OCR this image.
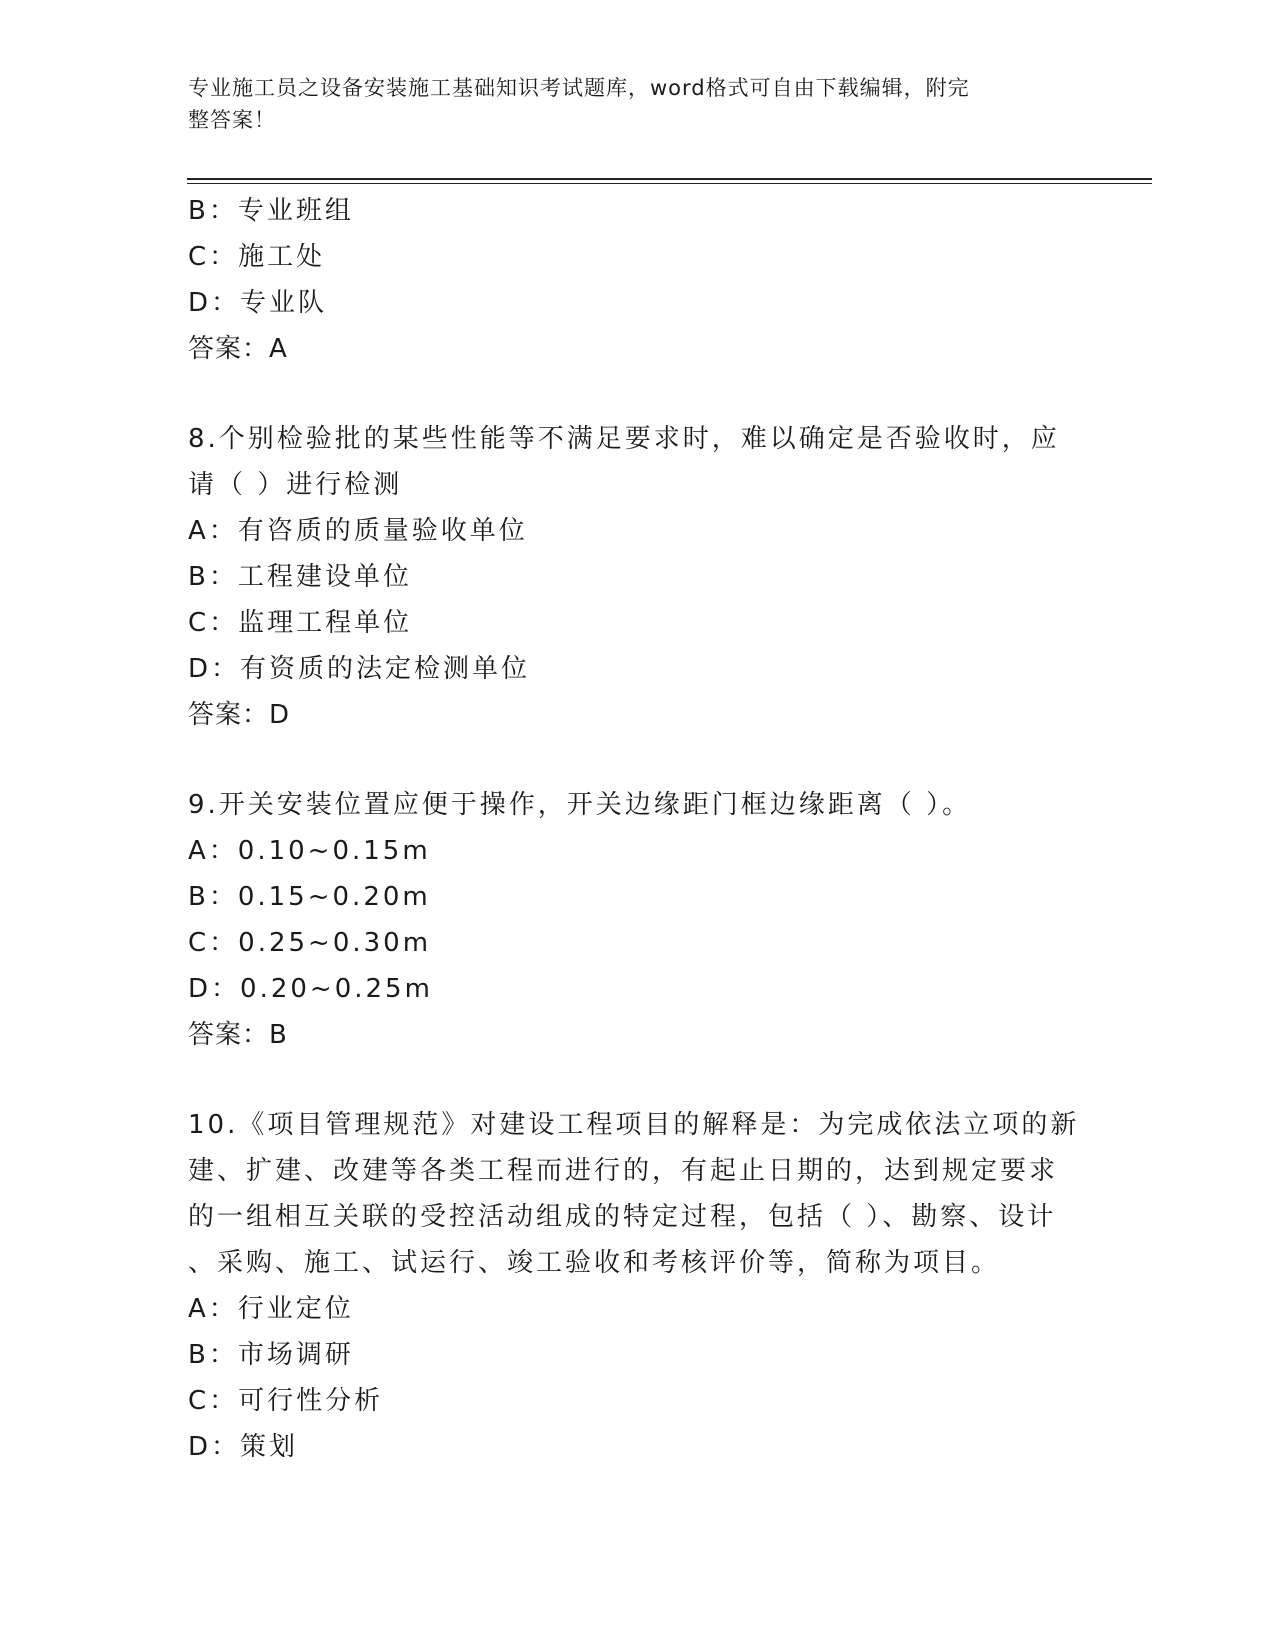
专业施工员之设备安装施工基础知识考试题库，word格式可自由下载编辑，附完
整答案！
B：专业班组
C：施工处
D：专业队
答案：A
8.个别检验批的某些性能等不满足要求时，难以确定是否验收时，应
请（ ）进行检测
A：有咨质的质量验收单位
B：工程建设单位
C：监理工程单位
D：有资质的法定检测单位
答案：D
9.开关安装位置应便于操作，开关边缘距门框边缘距离（ ）。
A：0.10~0.15m
B：0.15~0.20m
C：0.25~0.30m
D：0.20~0.25m
答案：B
10.《项目管理规范》对建设工程项目的解释是：为完成依法立项的新
建、扩建、改建等各类工程而进行的，有起止日期的，达到规定要求
的一组相互关联的受控活动组成的特定过程，包括（ ）、勘察、设计
、采购、施工、试运行、竣工验收和考核评价等，简称为项目。
A：行业定位
B：市场调研
C：可行性分析
D：策划
